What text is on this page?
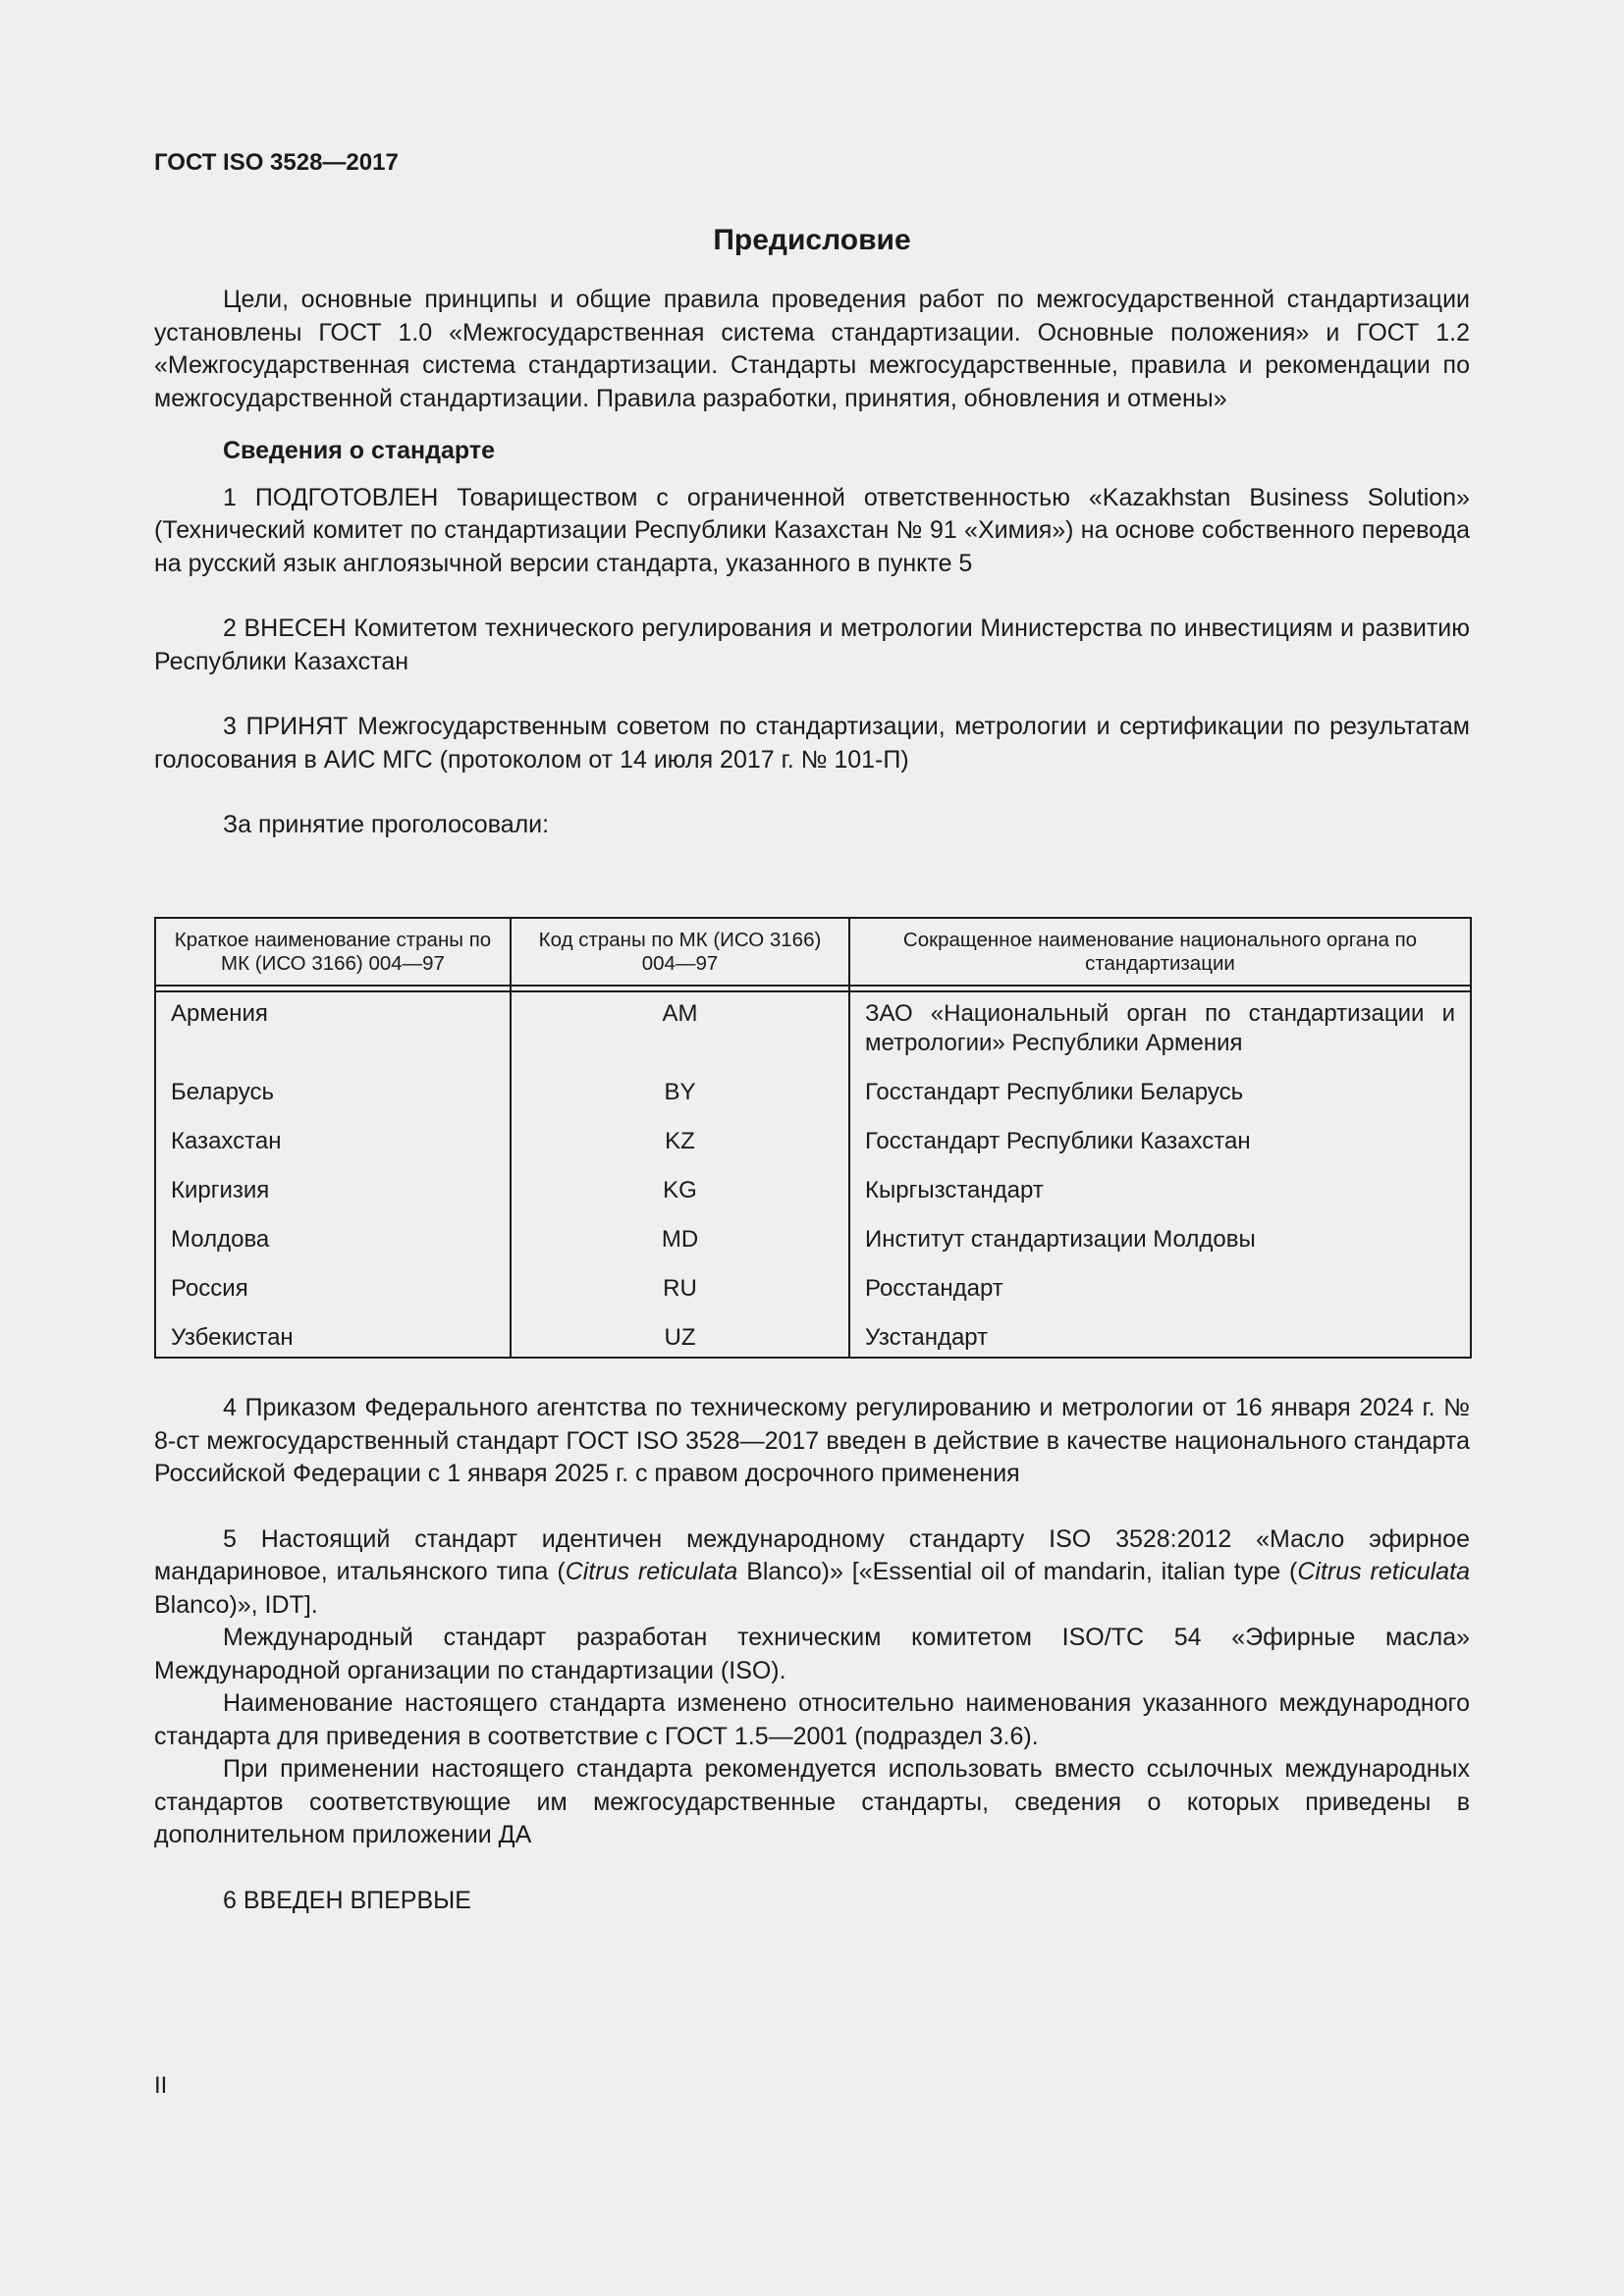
ГОСТ ISO 3528—2017

Предисловие

Цели, основные принципы и общие правила проведения работ по межгосударственной стандартизации установлены ГОСТ 1.0 «Межгосударственная система стандартизации. Основные положения» и ГОСТ 1.2 «Межгосударственная система стандартизации. Стандарты межгосударственные, правила и рекомендации по межгосударственной стандартизации. Правила разработки, принятия, обновления и отмены»

Сведения о стандарте

1 ПОДГОТОВЛЕН Товариществом с ограниченной ответственностью «Kazakhstan Business Solution» (Технический комитет по стандартизации Республики Казахстан № 91 «Химия») на основе собственного перевода на русский язык англоязычной версии стандарта, указанного в пункте 5

2 ВНЕСЕН Комитетом технического регулирования и метрологии Министерства по инвестициям и развитию Республики Казахстан

3 ПРИНЯТ Межгосударственным советом по стандартизации, метрологии и сертификации по результатам голосования в АИС МГС (протоколом от 14 июля 2017 г. № 101-П)

За принятие проголосовали:

Краткое наименование страны по МК (ИСО 3166) 004—97	Код страны по МК (ИСО 3166) 004—97	Сокращенное наименование национального органа по стандартизации

Армения	AM	ЗАО «Национальный орган по стандартизации и метрологии» Республики Армения
Беларусь	BY	Госстандарт Республики Беларусь
Казахстан	KZ	Госстандарт Республики Казахстан
Киргизия	KG	Кыргызстандарт
Молдова	MD	Институт стандартизации Молдовы
Россия	RU	Росстандарт
Узбекистан	UZ	Узстандарт

4 Приказом Федерального агентства по техническому регулированию и метрологии от 16 января 2024 г. № 8-ст межгосударственный стандарт ГОСТ ISO 3528—2017 введен в действие в качестве национального стандарта Российской Федерации с 1 января 2025 г. с правом досрочного применения

5 Настоящий стандарт идентичен международному стандарту ISO 3528:2012 «Масло эфирное мандариновое, итальянского типа (Citrus reticulata Blanco)» [«Essential oil of mandarin, italian type (Citrus reticulata Blanco)», IDT].

Международный стандарт разработан техническим комитетом ISO/TC 54 «Эфирные масла» Международной организации по стандартизации (ISO).

Наименование настоящего стандарта изменено относительно наименования указанного международного стандарта для приведения в соответствие с ГОСТ 1.5—2001 (подраздел 3.6).

При применении настоящего стандарта рекомендуется использовать вместо ссылочных международных стандартов соответствующие им межгосударственные стандарты, сведения о которых приведены в дополнительном приложении ДА

6 ВВЕДЕН ВПЕРВЫЕ

II
